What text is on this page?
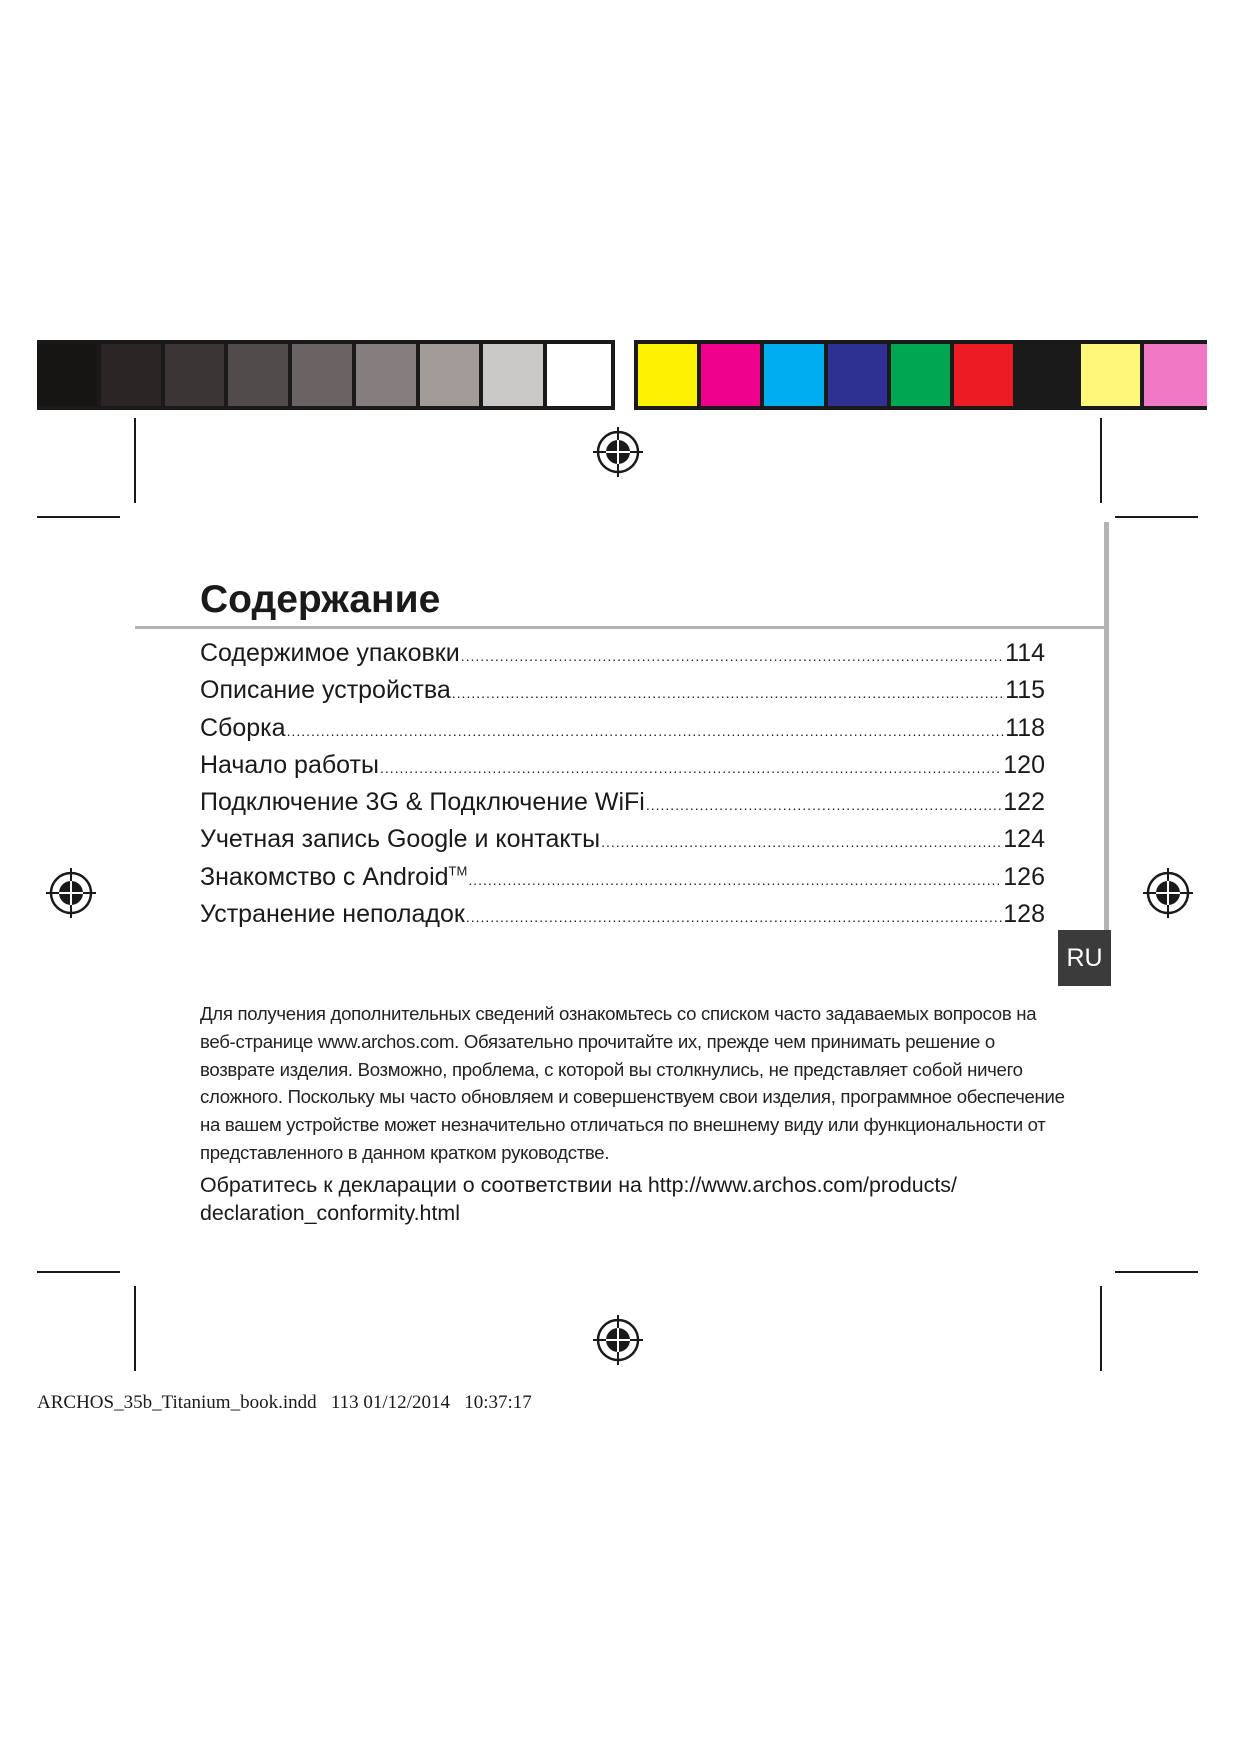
Содержание
Содержимое упаковки .....	114
Описание устройства .....	115
Сборка .....	118
Начало работы .....	120
Подключение 3G & Подключение WiFi .....	122
Учетная запись Google и контакты .....	124
Знакомство с Android™ .....	126
Устранение неполадок .....	128
RU
Для получения дополнительных сведений ознакомьтесь со списком часто задаваемых вопросов на веб-странице www.archos.com. Обязательно прочитайте их, прежде чем принимать решение о возврате изделия. Возможно, проблема, с которой вы столкнулись, не представляет собой ничего сложного. Поскольку мы часто обновляем и совершенствуем свои изделия, программное обеспечение на вашем устройстве может незначительно отличаться по внешнему виду или функциональности от представленного в данном кратком руководстве.
Обратитесь к декларации о соответствии на http://www.archos.com/products/ declaration_conformity.html
ARCHOS_35b_Titanium_book.indd 113 01/12/2014 10:37:17
